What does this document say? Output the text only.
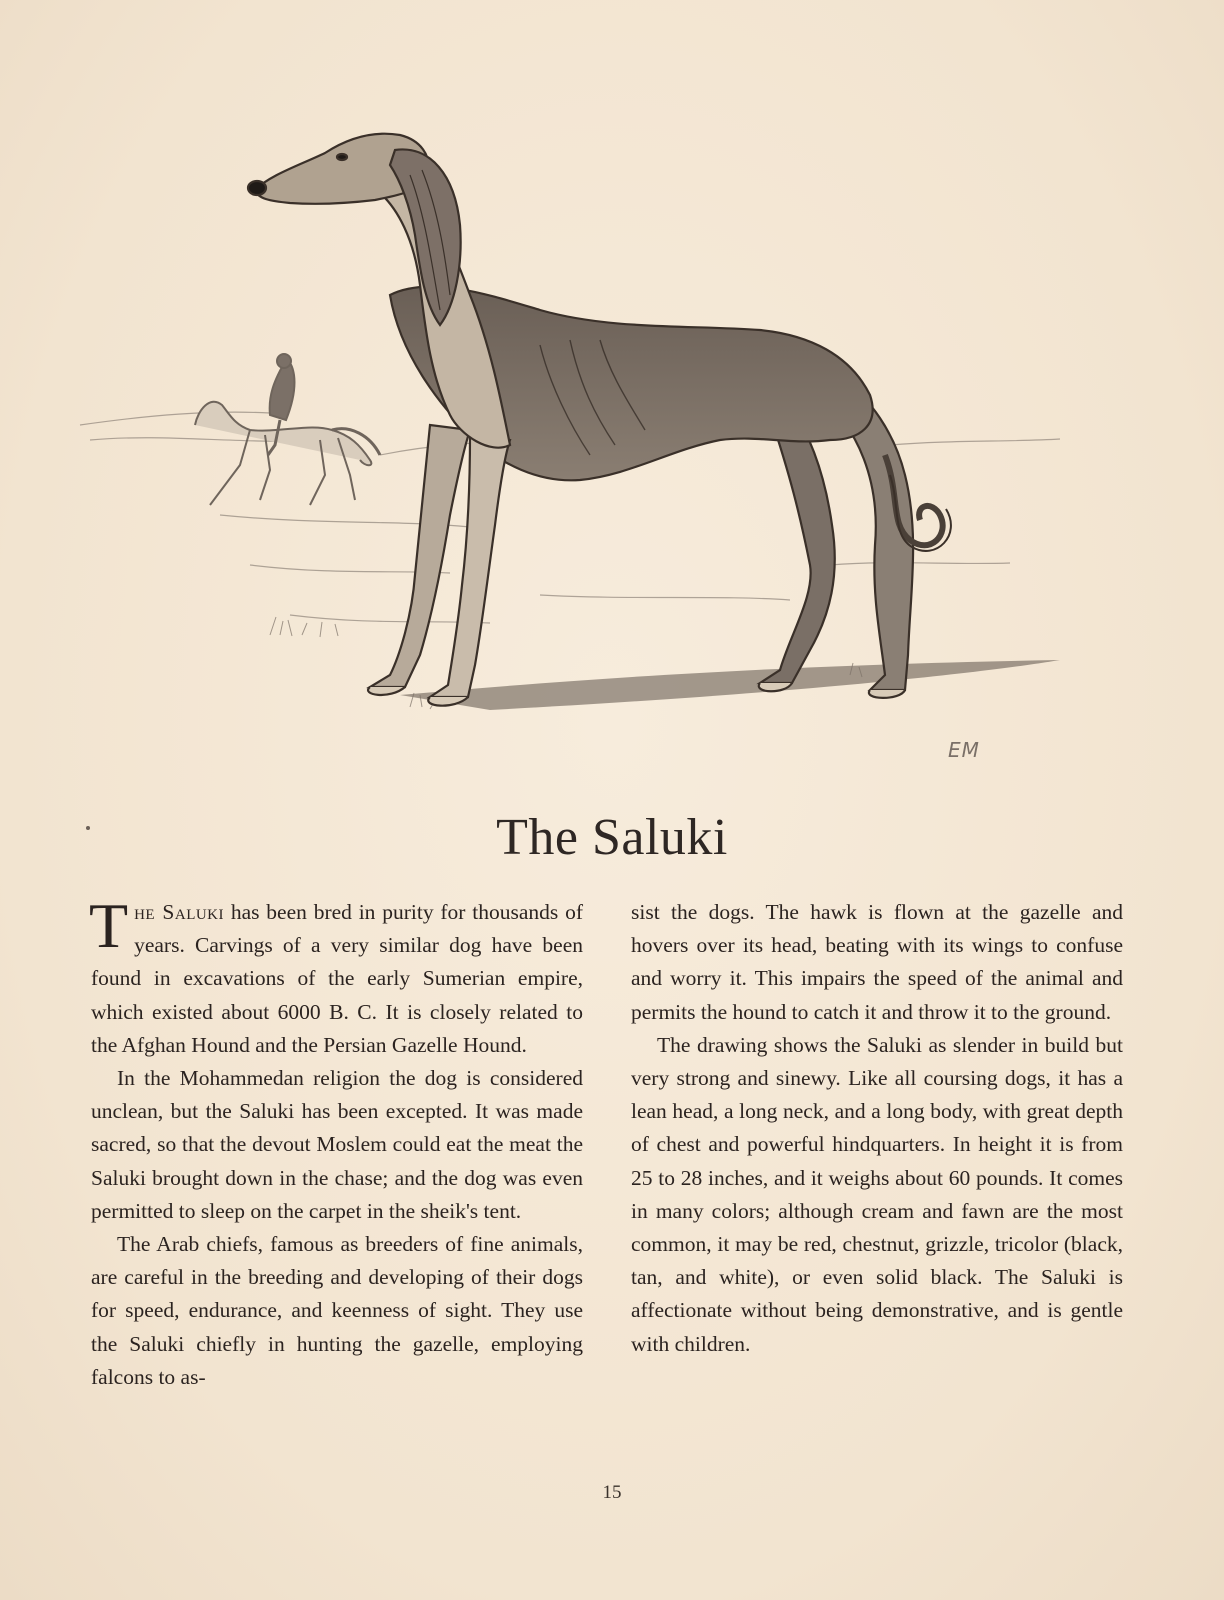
EM
The Saluki

The Saluki has been bred in purity for thousands of years. Carvings of a very similar dog have been found in excavations of the early Sumerian empire, which existed about 6000 B. C. It is closely related to the Afghan Hound and the Persian Gazelle Hound.

In the Mohammedan religion the dog is considered unclean, but the Saluki has been excepted. It was made sacred, so that the devout Moslem could eat the meat the Saluki brought down in the chase; and the dog was even permitted to sleep on the carpet in the sheik's tent.

The Arab chiefs, famous as breeders of fine animals, are careful in the breeding and developing of their dogs for speed, endurance, and keenness of sight. They use the Saluki chiefly in hunting the gazelle, employing falcons to as-

sist the dogs. The hawk is flown at the gazelle and hovers over its head, beating with its wings to confuse and worry it. This impairs the speed of the animal and permits the hound to catch it and throw it to the ground.

The drawing shows the Saluki as slender in build but very strong and sinewy. Like all coursing dogs, it has a lean head, a long neck, and a long body, with great depth of chest and powerful hindquarters. In height it is from 25 to 28 inches, and it weighs about 60 pounds. It comes in many colors; although cream and fawn are the most common, it may be red, chestnut, grizzle, tricolor (black, tan, and white), or even solid black. The Saluki is affectionate without being demonstrative, and is gentle with children.

15
